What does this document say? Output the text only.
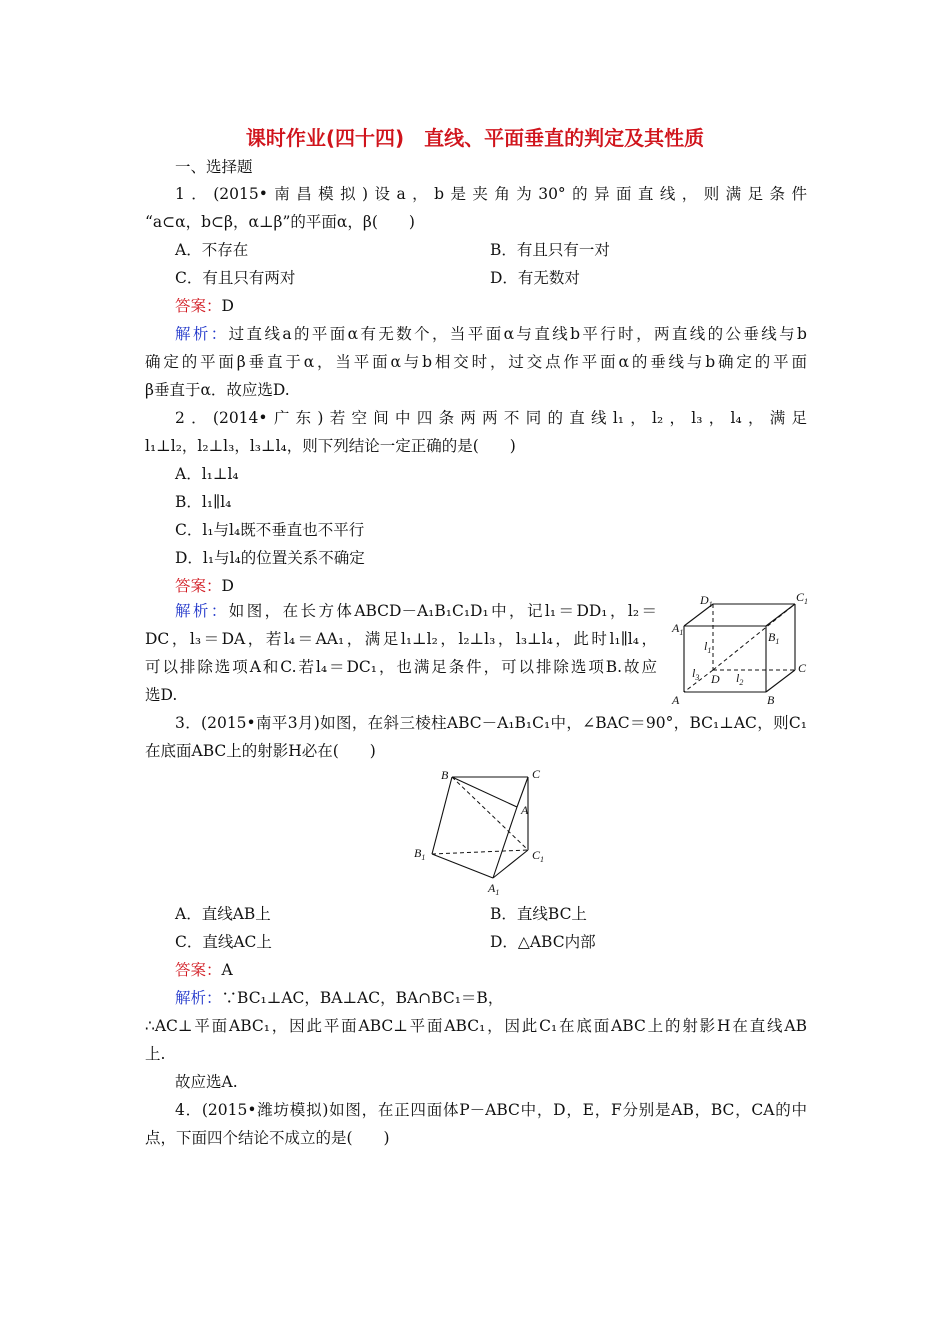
课时作业(四十四)　直线、平面垂直的判定及其性质
一、选择题
1．(2015•南昌模拟)设a，b是夹角为30°的异面直线，则满足条件
“a⊂α，b⊂β，α⊥β”的平面α，β(　　)
A．不存在	B．有且只有一对
C．有且只有两对	D．有无数对
答案：D
解析：过直线a的平面α有无数个，当平面α与直线b平行时，两直线的公垂线与b
确定的平面β垂直于α，当平面α与b相交时，过交点作平面α的垂线与b确定的平面
β垂直于α．故应选D.
2．(2014•广东)若空间中四条两两不同的直线l₁，l₂，l₃，l₄，满足
l₁⊥l₂，l₂⊥l₃，l₃⊥l₄，则下列结论一定正确的是(　　)
A．l₁⊥l₄
B．l₁∥l₄
C．l₁与l₄既不垂直也不平行
D．l₁与l₄的位置关系不确定
答案：D
解析：如图，在长方体ABCD－A₁B₁C₁D₁中，记l₁＝DD₁，l₂＝
DC，l₃＝DA，若l₄＝AA₁，满足l₁⊥l₂，l₂⊥l₃，l₃⊥l₄，此时l₁∥l₄，
可以排除选项A和C.若l₄＝DC₁，也满足条件，可以排除选项B.故应
选D.
$D_1$
$C_1$
$A_1$	$B_1$
$l_1$
$l_3$ D $l_2$
C
A	B
3．(2015•南平3月)如图，在斜三棱柱ABC－A₁B₁C₁中，∠BAC＝90°，BC₁⊥AC，则C₁
在底面ABC上的射影H必在(　　)
B	C
A
$B_1$	$C_1$
$A_1$
A．直线AB上	B．直线BC上
C．直线AC上	D．△ABC内部
答案：A
解析：∵BC₁⊥AC，BA⊥AC，BA∩BC₁＝B，
∴AC⊥平面ABC₁，因此平面ABC⊥平面ABC₁，因此C₁在底面ABC上的射影H在直线AB
上.
故应选A.
4．(2015•潍坊模拟)如图，在正四面体P－ABC中，D，E，F分别是AB，BC，CA的中
点，下面四个结论不成立的是(　　)
